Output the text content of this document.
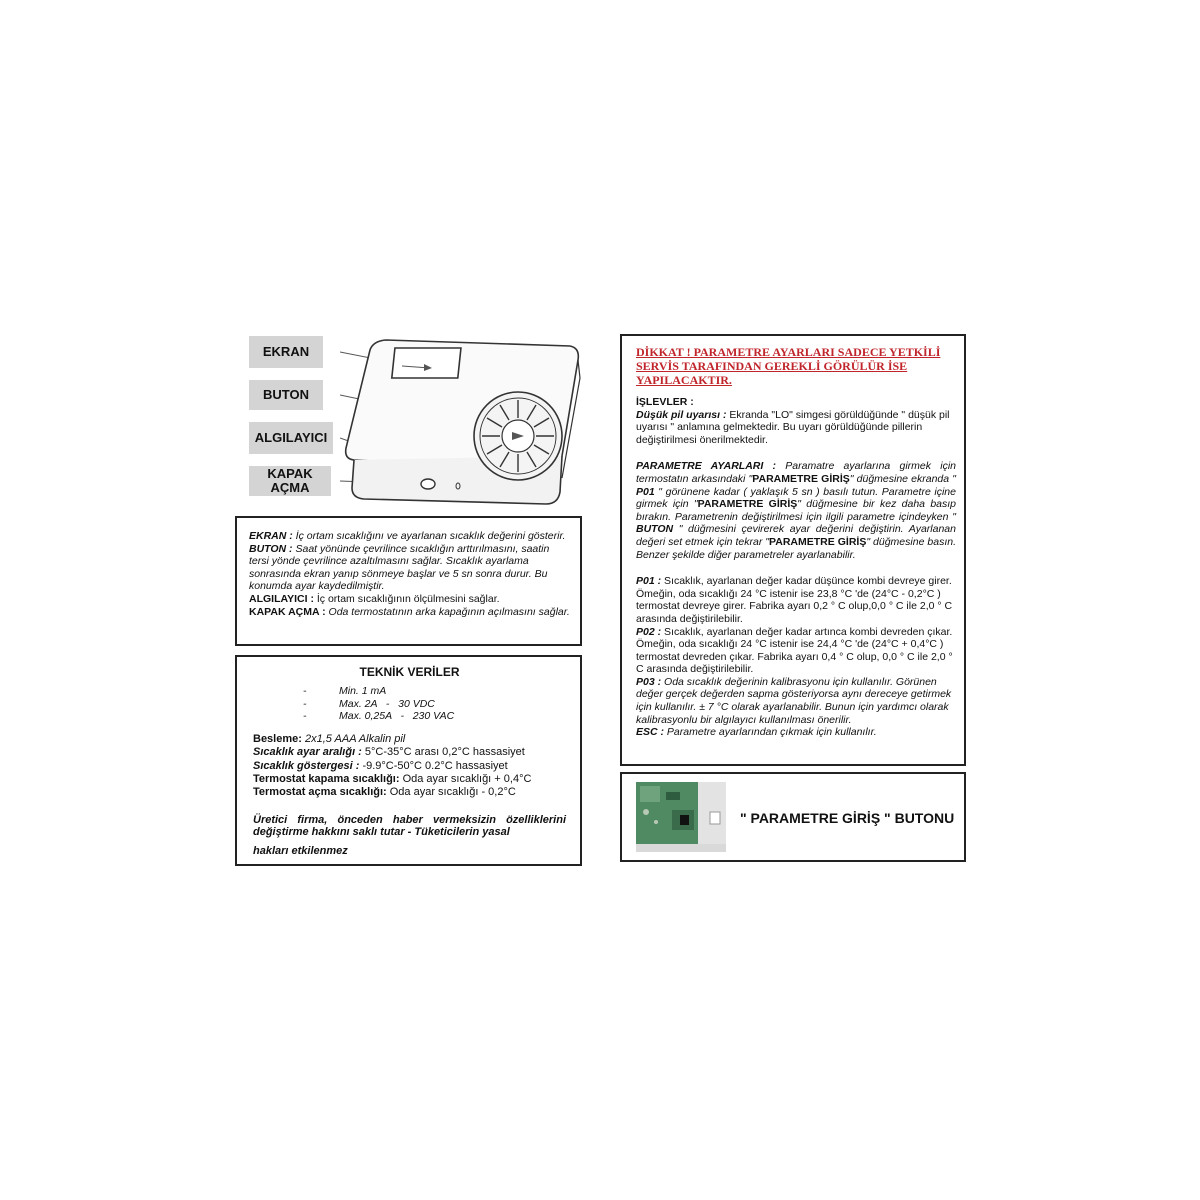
EKRAN
BUTON
ALGILAYICI
KAPAK
AÇMA
EKRAN : İç ortam sıcaklığını ve ayarlanan sıcaklık değerini gösterir.
BUTON : Saat yönünde çevrilince sıcaklığın arttırılmasını, saatin tersi yönde çevrilince azaltılmasını sağlar. Sıcaklık ayarlama sonrasında ekran yanıp sönmeye başlar ve 5 sn sonra durur. Bu konumda ayar kaydedilmiştir.
ALGILAYICI : İç ortam sıcaklığının ölçülmesini sağlar.
KAPAK AÇMA : Oda termostatının arka kapağının açılmasını sağlar.
TEKNİK VERİLER
-	Min. 1 mA
-	Max. 2A   -   30 VDC
-	Max. 0,25A   -   230 VAC
Besleme: 2x1,5 AAA Alkalin pil
Sıcaklık ayar aralığı : 5°C-35°C arası 0,2°C hassasiyet
Sıcaklık göstergesi : -9.9°C-50°C 0.2°C hassasiyet
Termostat kapama sıcaklığı: Oda ayar sıcaklığı + 0,4°C
Termostat açma sıcaklığı: Oda ayar sıcaklığı - 0,2°C
Üretici firma, önceden haber vermeksizin özelliklerini değiştirme hakkını saklı tutar - Tüketicilerin yasal
hakları etkilenmez
DİKKAT ! PARAMETRE AYARLARI SADECE YETKİLİ SERVİS TARAFINDAN GEREKLİ GÖRÜLÜR İSE YAPILACAKTIR.
İŞLEVLER :
Düşük pil uyarısı : Ekranda "LO" simgesi görüldüğünde " düşük pil uyarısı " anlamına gelmektedir. Bu uyarı görüldüğünde pillerin değiştirilmesi önerilmektedir.
PARAMETRE AYARLARI : Paramatre ayarlarına girmek için termostatın arkasındaki "PARAMETRE GİRİŞ" düğmesine ekranda " P01 " görünene kadar ( yaklaşık 5 sn ) basılı tutun. Parametre içine girmek için "PARAMETRE GİRİŞ" düğmesine bir kez daha basıp bırakın. Parametrenin değiştirilmesi için ilgili parametre içindeyken " BUTON " düğmesini çevirerek ayar değerini değiştirin. Ayarlanan değeri set etmek için tekrar "PARAMETRE GİRİŞ" düğmesine basın. Benzer şekilde diğer parametreler ayarlanabilir.
P01 : Sıcaklık, ayarlanan değer kadar düşünce kombi devreye girer. Ömeğin, oda sıcaklığı 24 °C istenir ise 23,8 °C 'de (24°C - 0,2°C ) termostat devreye girer. Fabrika ayarı 0,2 ° C olup,0,0 ° C ile 2,0 ° C arasında değiştirilebilir.
P02 : Sıcaklık, ayarlanan değer kadar artınca kombi devreden çıkar. Ömeğin, oda sıcaklığı 24 °C istenir ise 24,4 °C 'de (24°C + 0,4°C ) termostat devreden çıkar. Fabrika ayarı 0,4 ° C olup, 0,0 ° C ile 2,0 ° C arasında değiştirilebilir.
P03 : Oda sıcaklık değerinin kalibrasyonu için kullanılır. Görünen değer gerçek değerden sapma gösteriyorsa aynı dereceye getirmek için kullanılır. ± 7 °C olarak ayarlanabilir. Bunun için yardımcı olarak kalibrasyonlu bir algılayıcı kullanılması önerilir.
ESC : Parametre ayarlarından çıkmak için kullanılır.
" PARAMETRE GİRİŞ " BUTONU
